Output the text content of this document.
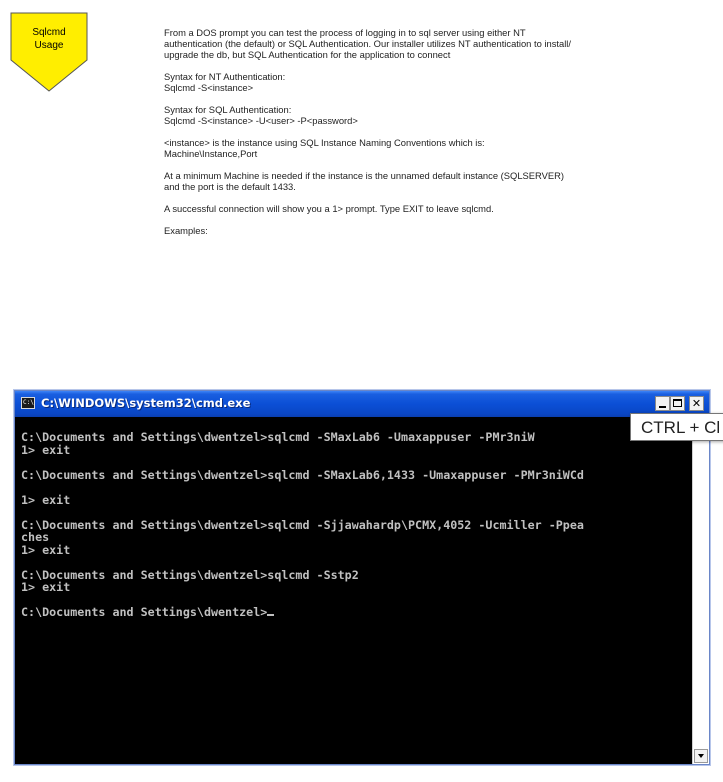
Sqlcmd
Usage

From a DOS prompt you can test the process of logging in to sql server using either NT
authentication (the default) or SQL Authentication. Our installer utilizes NT authentication to install/
upgrade the db, but SQL Authentication for the application to connect

Syntax for NT Authentication:
Sqlcmd -S<instance>

Syntax for SQL Authentication:
Sqlcmd -S<instance> -U<user> -P<password>

<instance> is the instance using SQL Instance Naming Conventions which is:
Machine\Instance,Port

At a minimum Machine is needed if the instance is the unnamed default instance (SQLSERVER)
and the port is the default 1433.

A successful connection will show you a 1> prompt. Type EXIT to leave sqlcmd.

Examples:

C:\ C:\WINDOWS\system32\cmd.exe	✕
C:\Documents and Settings\dwentzel>sqlcmd -SMaxLab6 -Umaxappuser -PMr3niW
1> exit
C:\Documents and Settings\dwentzel>sqlcmd -SMaxLab6,1433 -Umaxappuser -PMr3niWCd
1> exit
C:\Documents and Settings\dwentzel>sqlcmd -Sjjawahardp\PCMX,4052 -Ucmiller -Ppea
ches
1> exit
C:\Documents and Settings\dwentzel>sqlcmd -Sstp2
1> exit
C:\Documents and Settings\dwentzel>
CTRL + Cl
